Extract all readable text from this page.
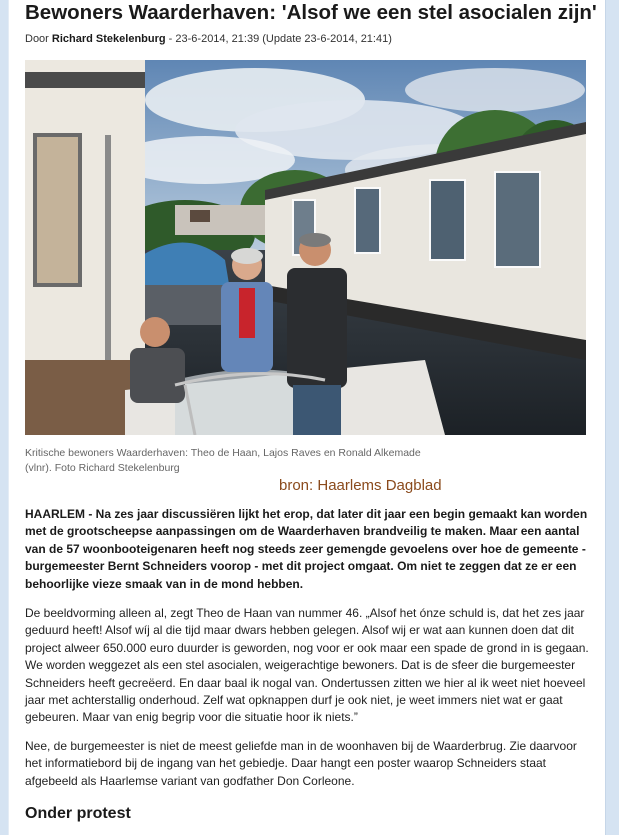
Bewoners Waarderhaven: 'Alsof we een stel asocialen zijn'
Door Richard Stekelenburg - 23-6-2014, 21:39 (Update 23-6-2014, 21:41)
Kritische bewoners Waarderhaven: Theo de Haan, Lajos Raves en Ronald Alkemade (vlnr). Foto Richard Stekelenburg
bron: Haarlems Dagblad

HAARLEM - Na zes jaar discussiëren lijkt het erop, dat later dit jaar een begin gemaakt kan worden met de grootscheepse aanpassingen om de Waarderhaven brandveilig te maken. Maar een aantal van de 57 woonbooteigenaren heeft nog steeds zeer gemengde gevoelens over hoe de gemeente - burgemeester Bernt Schneiders voorop - met dit project omgaat. Om niet te zeggen dat ze er een behoorlijke vieze smaak van in de mond hebben.

De beeldvorming alleen al, zegt Theo de Haan van nummer 46. „Alsof het ónze schuld is, dat het zes jaar geduurd heeft! Alsof wíj al die tijd maar dwars hebben gelegen. Alsof wij er wat aan kunnen doen dat dit project alweer 650.000 euro duurder is geworden, nog voor er ook maar een spade de grond in is gegaan. We worden weggezet als een stel asocialen, weigerachtige bewoners. Dat is de sfeer die burgemeester Schneiders heeft gecreëerd. En daar baal ik nogal van. Ondertussen zitten we hier al ik weet niet hoeveel jaar met achterstallig onderhoud. Zelf wat opknappen durf je ook niet, je weet immers niet wat er gaat gebeuren. Maar van enig begrip voor die situatie hoor ik niets.”

Nee, de burgemeester is niet de meest geliefde man in de woonhaven bij de Waarderbrug. Zie daarvoor het informatiebord bij de ingang van het gebiedje. Daar hangt een poster waarop Schneiders staat afgebeeld als Haarlemse variant van godfather Don Corleone.

Onder protest
